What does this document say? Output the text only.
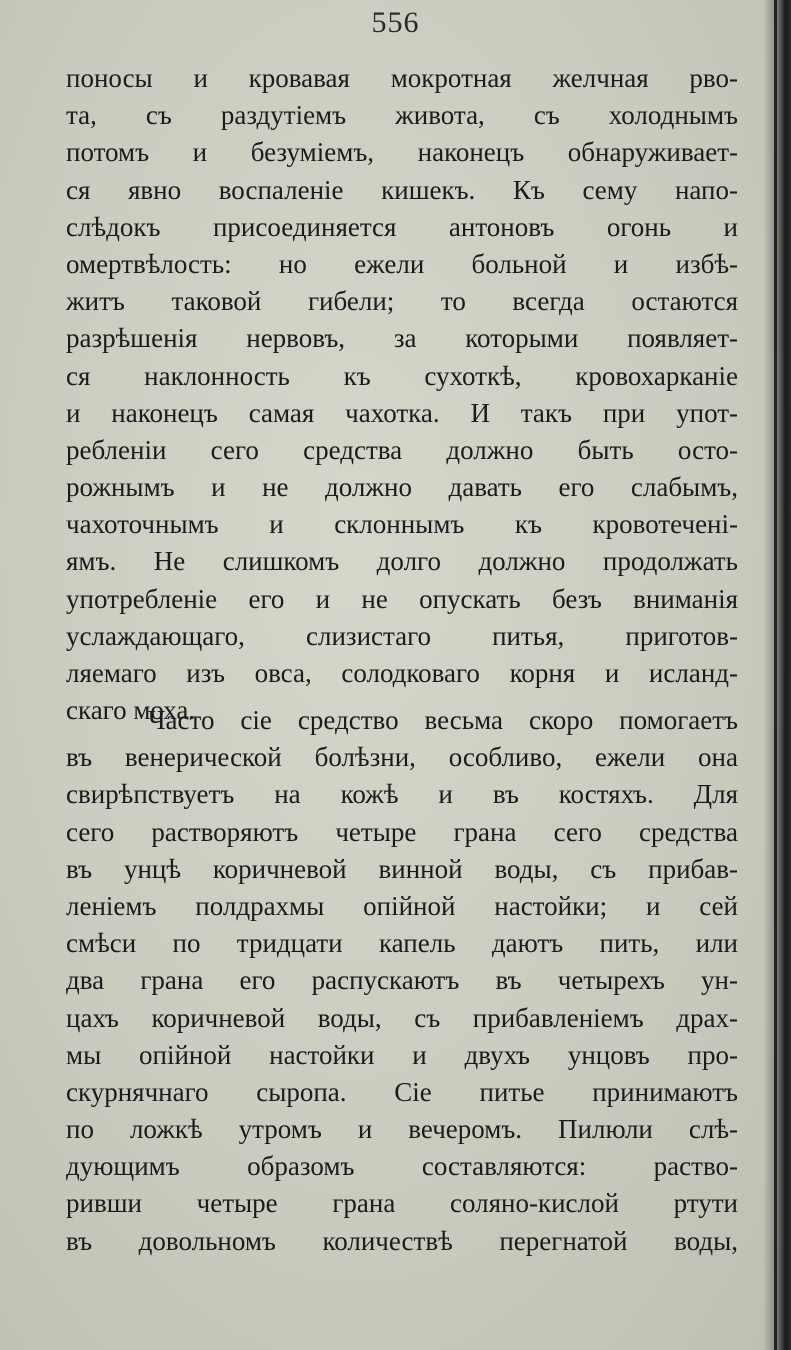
556
поносы и кровавая мокротная желчная рво-
та, съ раздутіемъ живота, съ холоднымъ
потомъ и безуміемъ, наконецъ обнаруживает-
ся явно воспаленіе кишекъ. Къ сему напо-
слѣдокъ присоединяется антоновъ огонь и
омертвѣлость: но ежели больной и избѣ-
житъ таковой гибели; то всегда остаются
разрѣшенія нервовъ, за которыми появляет-
ся наклонность къ сухоткѣ, кровохарканіе
и наконецъ самая чахотка. И такъ при упот-
ребленіи сего средства должно быть осто-
рожнымъ и не должно давать его слабымъ,
чахоточнымъ и склоннымъ къ кровотечені-
ямъ. Не слишкомъ долго должно продолжать
употребленіе его и не опускать безъ вниманія
услаждающаго, слизистаго питья, приготов-
ляемаго изъ овса, солодковаго корня и исланд-
скаго моха.
Часто сіе средство весьма скоро помогаетъ
въ венерической болѣзни, особливо, ежели она
свирѣпствуетъ на кожѣ и въ костяхъ. Для
сего растворяютъ четыре грана сего средства
въ унцѣ коричневой винной воды, съ прибав-
леніемъ полдрахмы опійной настойки; и сей
смѣси по тридцати капель даютъ пить, или
два грана его распускаютъ въ четырехъ ун-
цахъ коричневой воды, съ прибавленіемъ драх-
мы опійной настойки и двухъ унцовъ про-
скурнячнаго сыропа. Сіе питье принимаютъ
по ложкѣ утромъ и вечеромъ. Пилюли слѣ-
дующимъ образомъ составляются: раство-
ривши четыре грана соляно-кислой ртути
въ довольномъ количествѣ перегнатой воды,
